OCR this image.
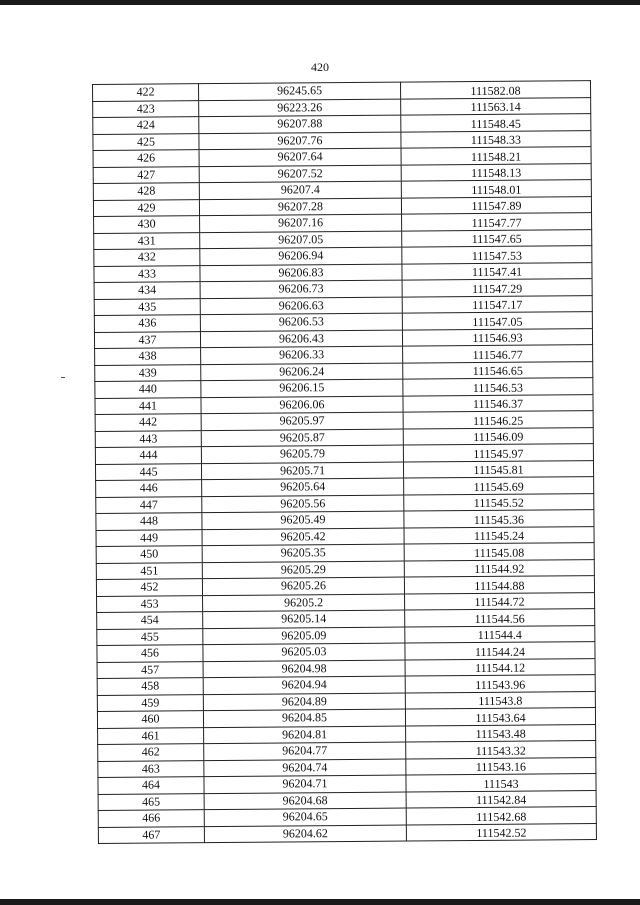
420
422	96245.65	111582.08
423	96223.26	111563.14
424	96207.88	111548.45
425	96207.76	111548.33
426	96207.64	111548.21
427	96207.52	111548.13
428	96207.4	111548.01
429	96207.28	111547.89
430	96207.16	111547.77
431	96207.05	111547.65
432	96206.94	111547.53
433	96206.83	111547.41
434	96206.73	111547.29
435	96206.63	111547.17
436	96206.53	111547.05
437	96206.43	111546.93
438	96206.33	111546.77
439	96206.24	111546.65
440	96206.15	111546.53
441	96206.06	111546.37
442	96205.97	111546.25
443	96205.87	111546.09
444	96205.79	111545.97
445	96205.71	111545.81
446	96205.64	111545.69
447	96205.56	111545.52
448	96205.49	111545.36
449	96205.42	111545.24
450	96205.35	111545.08
451	96205.29	111544.92
452	96205.26	111544.88
453	96205.2	111544.72
454	96205.14	111544.56
455	96205.09	111544.4
456	96205.03	111544.24
457	96204.98	111544.12
458	96204.94	111543.96
459	96204.89	111543.8
460	96204.85	111543.64
461	96204.81	111543.48
462	96204.77	111543.32
463	96204.74	111543.16
464	96204.71	111543
465	96204.68	111542.84
466	96204.65	111542.68
467	96204.62	111542.52
